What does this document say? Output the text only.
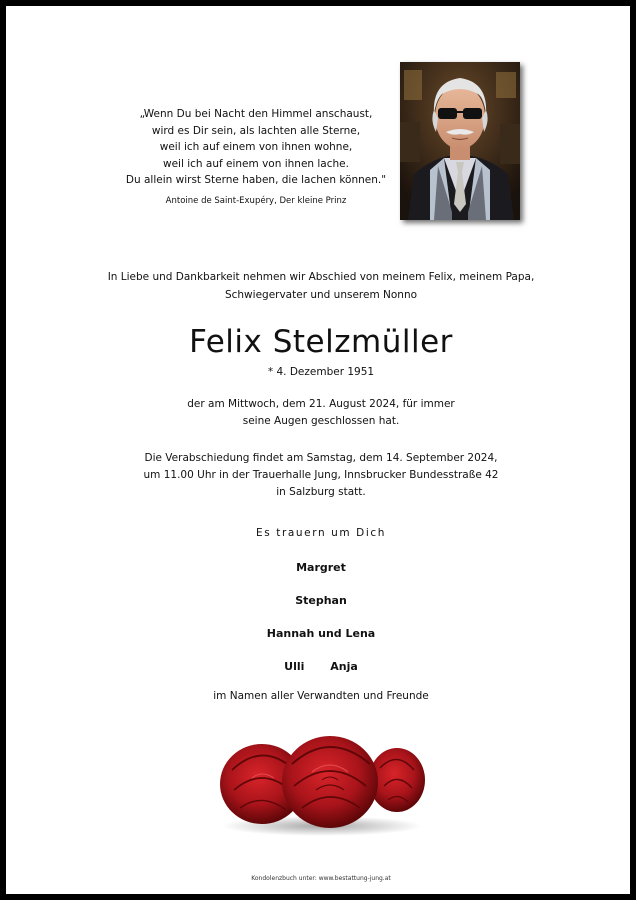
„Wenn Du bei Nacht den Himmel anschaust,
wird es Dir sein, als lachten alle Sterne,
weil ich auf einem von ihnen wohne,
weil ich auf einem von ihnen lache.
Du allein wirst Sterne haben, die lachen können."
Antoine de Saint-Exupéry, Der kleine Prinz
In Liebe und Dankbarkeit nehmen wir Abschied von meinem Felix, meinem Papa,
Schwiegervater und unserem Nonno
Felix Stelzmüller
* 4. Dezember 1951
der am Mittwoch, dem 21. August 2024, für immer
seine Augen geschlossen hat.
Die Verabschiedung findet am Samstag, dem 14. September 2024,
um 11.00 Uhr in der Trauerhalle Jung, Innsbrucker Bundesstraße 42
in Salzburg statt.
Es trauern um Dich
Margret
Stephan
Hannah und Lena
Ulli Anja
im Namen aller Verwandten und Freunde
Kondolenzbuch unter: www.bestattung-jung.at
